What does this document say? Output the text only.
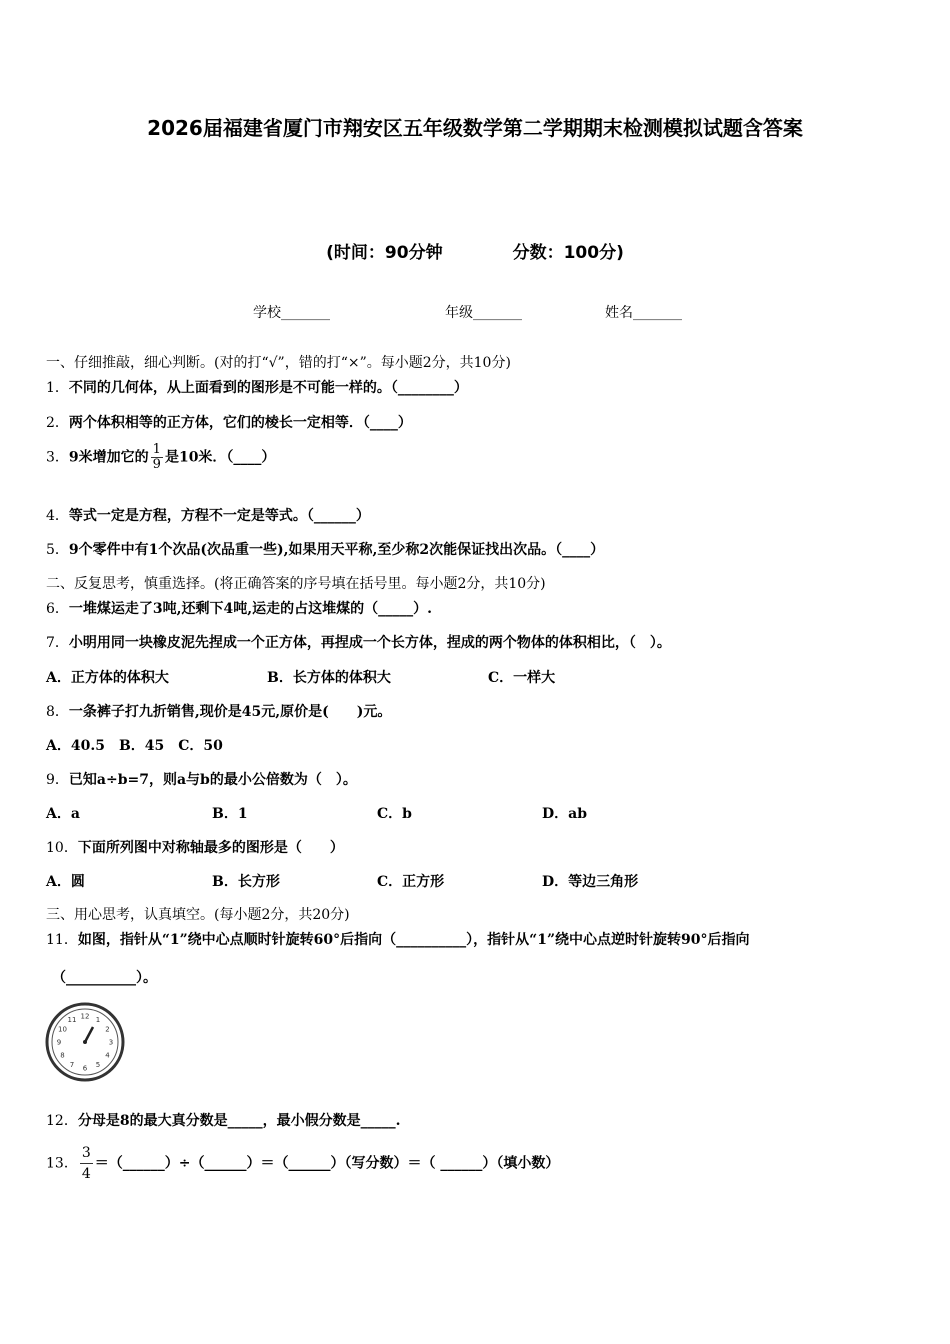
2026届福建省厦门市翔安区五年级数学第二学期期末检测模拟试题含答案
(时间：90分钟	分数：100分)
学校_______	年级_______	姓名_______
一、仔细推敲，细心判断。(对的打“√”，错的打“×”。每小题2分，共10分)
1．不同的几何体，从上面看到的图形是不可能一样的。（________）
2．两个体积相等的正方体，它们的棱长一定相等．（____）
3．9米增加它的 $\frac{1}{9}$ 是10米．（____）
4．等式一定是方程，方程不一定是等式。（______）
5．9个零件中有1个次品(次品重一些),如果用天平称,至少称2次能保证找出次品。（____）
二、反复思考，慎重选择。(将正确答案的序号填在括号里。每小题2分，共10分)
6．一堆煤运走了3吨,还剩下4吨,运走的占这堆煤的（_____）.
7．小明用同一块橡皮泥先捏成一个正方体，再捏成一个长方体，捏成的两个物体的体积相比，（　）。
A．正方体的体积大	B．长方体的体积大	C．一样大
8．一条裤子打九折销售,现价是45元,原价是(　　)元。
A．40.5　B．45　C．50
9．已知a÷b=7，则a与b的最小公倍数为（　）。
A．a	B．1	C．b	D．ab
10．下面所列图中对称轴最多的图形是（　　）
A．圆	B．长方形	C．正方形	D．等边三角形
三、用心思考，认真填空。(每小题2分，共20分)
11．如图，指针从“1”绕中心点顺时针旋转60°后指向（__________），指针从“1”绕中心点逆时针旋转90°后指向
（__________）。
12 1
2
3
4
5
6
7
8
9
10
11
12．分母是8的最大真分数是_____，最小假分数是_____.
13． $\frac{3}{4}$ ＝（______）÷（______）＝（______）（写分数）＝（ ______）（填小数）
